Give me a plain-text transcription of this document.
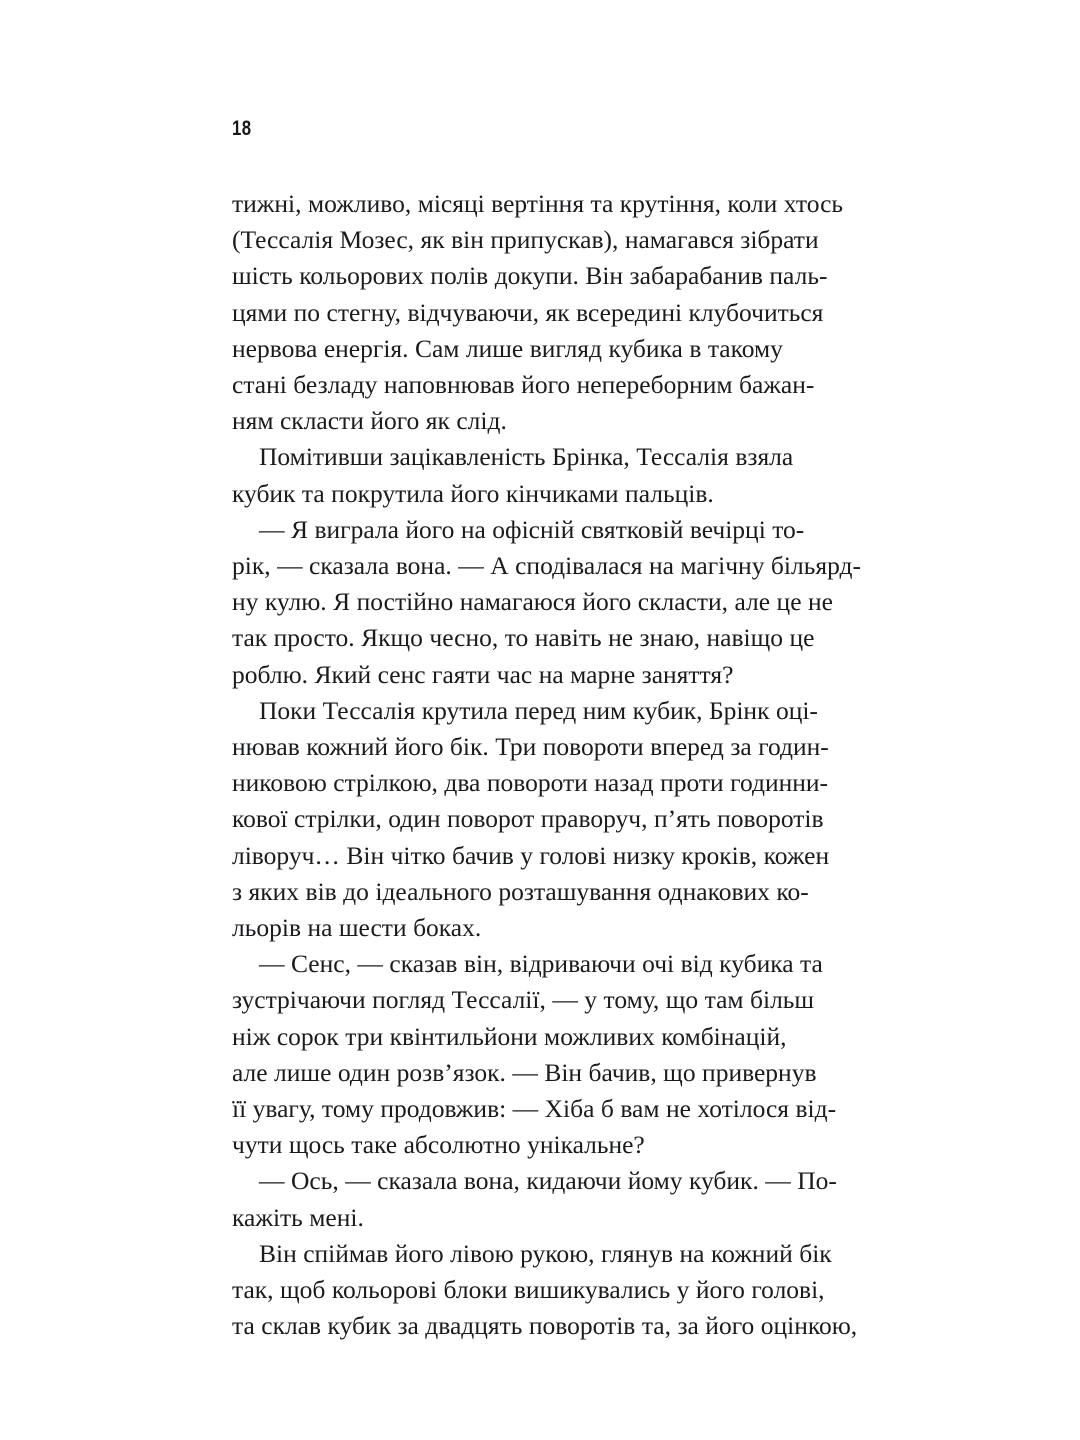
18

тижні, можливо, місяці вертіння та крутіння, коли хтось
(Тессалія Мозес, як він припускав), намагався зібрати
шість кольорових полів докупи. Він забарабанив паль-
цями по стегну, відчуваючи, як всередині клубочиться
нервова енергія. Сам лише вигляд кубика в такому
стані безладу наповнював його непереборним бажан-
ням скласти його як слід.

Помітивши зацікавленість Брінка, Тессалія взяла
кубик та покрутила його кінчиками пальців.

— Я виграла його на офісній святковій вечірці то-
рік, — сказала вона. — А сподівалася на магічну більярд-
ну кулю. Я постійно намагаюся його скласти, але це не
так просто. Якщо чесно, то навіть не знаю, навіщо це
роблю. Який сенс гаяти час на марне заняття?

Поки Тессалія крутила перед ним кубик, Брінк оці-
нював кожний його бік. Три повороти вперед за годин-
никовою стрілкою, два повороти назад проти годинни-
кової стрілки, один поворот праворуч, п’ять поворотів
ліворуч… Він чітко бачив у голові низку кроків, кожен
з яких вів до ідеального розташування однакових ко-
льорів на шести боках.

— Сенс, — сказав він, відриваючи очі від кубика та
зустрічаючи погляд Тессалії, — у тому, що там більш
ніж сорок три квінтильйони можливих комбінацій,
але лише один розв’язок. — Він бачив, що привернув
її увагу, тому продовжив: — Хіба б вам не хотілося від-
чути щось таке абсолютно унікальне?

— Ось, — сказала вона, кидаючи йому кубик. — По-
кажіть мені.

Він спіймав його лівою рукою, глянув на кожний бік
так, щоб кольорові блоки вишикувались у його голові,
та склав кубик за двадцять поворотів та, за його оцінкою,
